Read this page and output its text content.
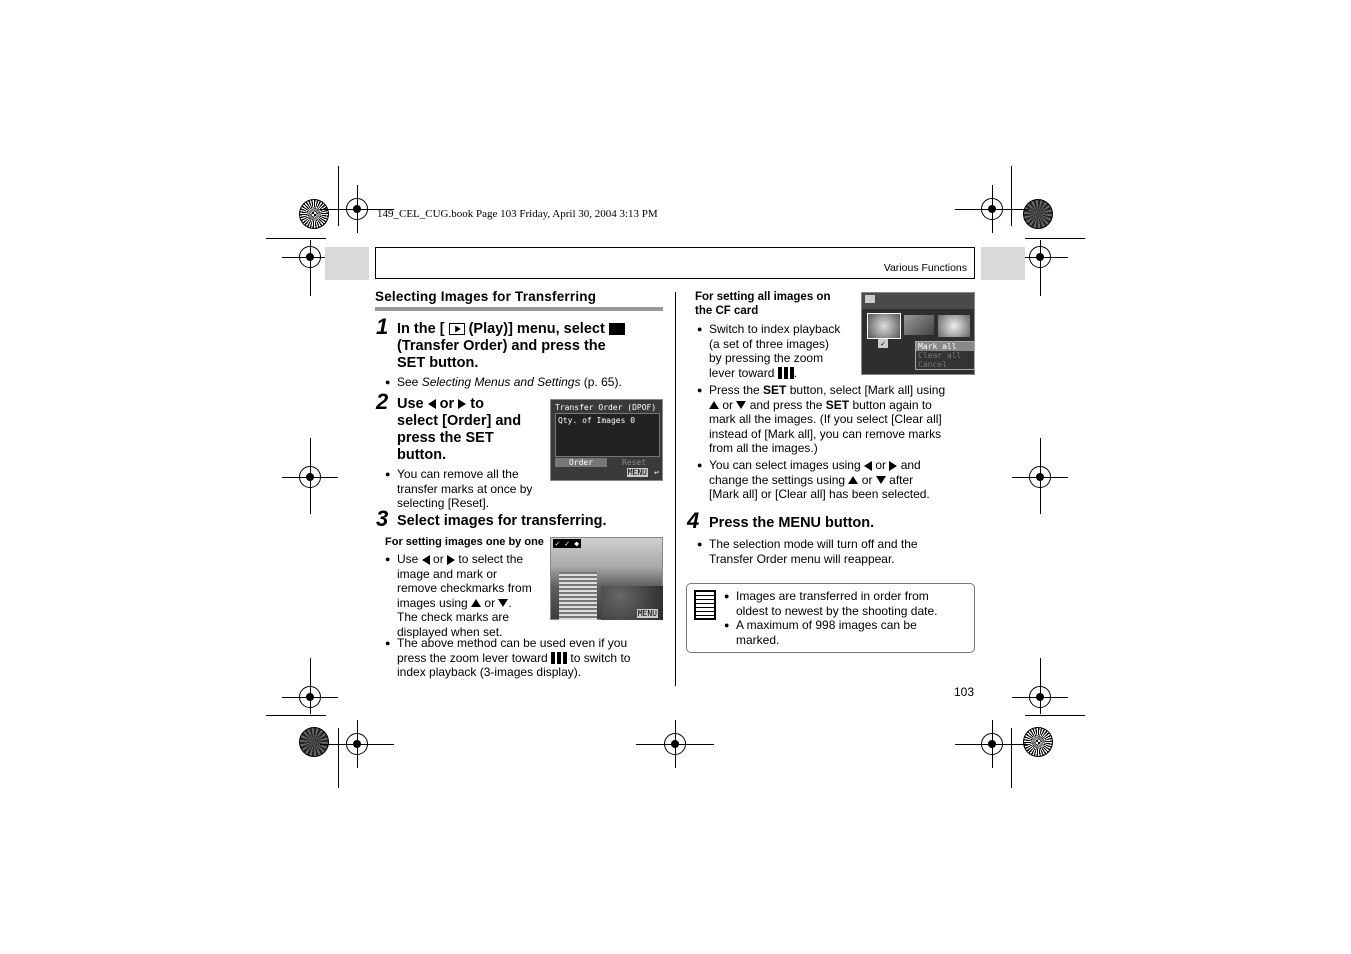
149_CEL_CUG.book Page 103 Friday, April 30, 2004 3:13 PM
Various Functions
Selecting Images for Transferring
1 In the [ (Play)] menu, select
(Transfer Order) and press the
SET button.
● See Selecting Menus and Settings (p. 65).
2 Use or to
select [Order] and
press the SET
button.
● You can remove all the
transfer marks at once by
selecting [Reset].
Transfer Order (DPOF)
Qty. of Images 0
Order	Reset
MENU ↩
3 Select images for transferring.
For setting images one by one
● Use or to select the
image and mark or
remove checkmarks from
images using or .
The check marks are
displayed when set.
● The above method can be used even if you
press the zoom lever toward to switch to
index playback (3-images display).
✓ ✓ ◆
MENU
4 Press the MENU button.
● The selection mode will turn off and the
Transfer Order menu will reappear.
For setting all images on
the CF card
● Switch to index playback
(a set of three images)
by pressing the zoom
lever toward .
✓	Mark all
Clear all
Cancel
● Press the SET button, select [Mark all] using
or and press the SET button again to
mark all the images. (If you select [Clear all]
instead of [Mark all], you can remove marks
from all the images.)
● You can select images using or and
change the settings using or after
[Mark all] or [Clear all] has been selected.
● Images are transferred in order from
oldest to newest by the shooting date.
● A maximum of 998 images can be
marked.
103
